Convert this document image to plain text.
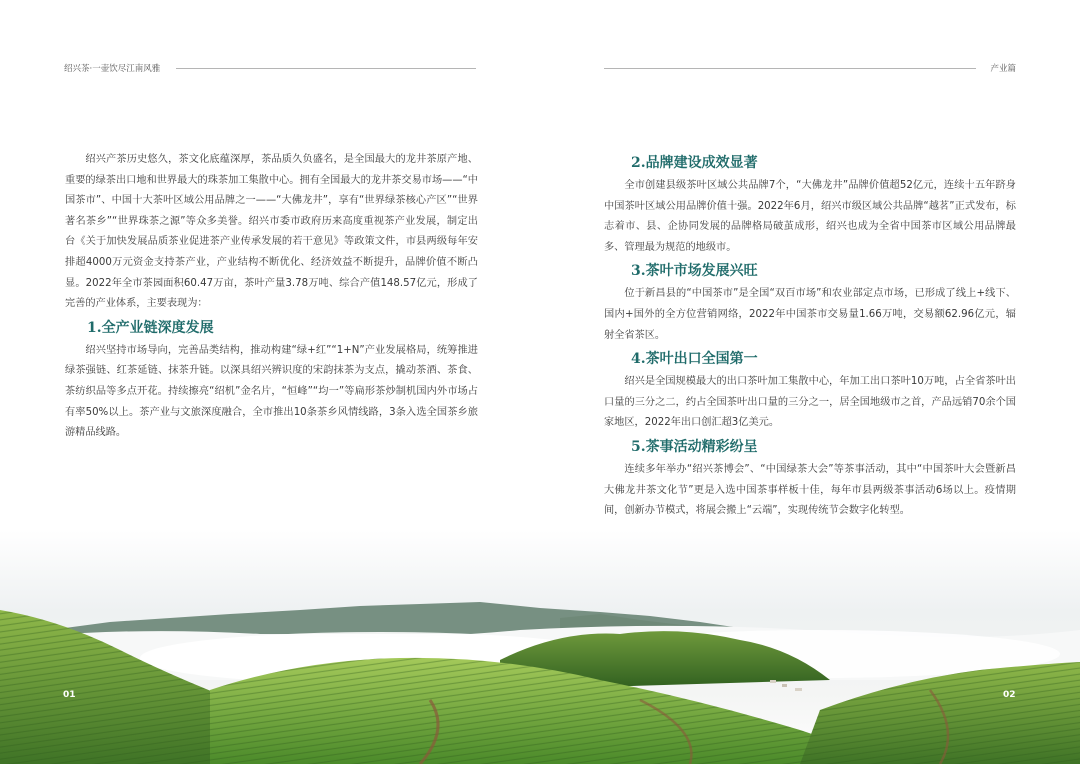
绍兴茶·一壶饮尽江南风雅	产业篇

绍兴产茶历史悠久，茶文化底蕴深厚，茶品质久负盛名，是全国最大的龙井茶原产地、重要的绿茶出口地和世界最大的珠茶加工集散中心。拥有全国最大的龙井茶交易市场——“中国茶市”、中国十大茶叶区域公用品牌之一——“大佛龙井”，享有“世界绿茶核心产区”“世界著名茶乡”“世界珠茶之源”等众多美誉。绍兴市委市政府历来高度重视茶产业发展，制定出台《关于加快发展品质茶业促进茶产业传承发展的若干意见》等政策文件，市县两级每年安排超4000万元资金支持茶产业，产业结构不断优化、经济效益不断提升，品牌价值不断凸显。2022年全市茶园面积60.47万亩，茶叶产量3.78万吨、综合产值148.57亿元，形成了完善的产业体系，主要表现为：

1.全产业链深度发展

绍兴坚持市场导向，完善品类结构，推动构建“绿+红”“1+N”产业发展格局，统筹推进绿茶强链、红茶延链、抹茶升链。以深具绍兴辨识度的宋韵抹茶为支点，撬动茶酒、茶食、茶纺织品等多点开花。持续擦亮“绍机”金名片，“恒峰”“均一”等扁形茶炒制机国内外市场占有率50%以上。茶产业与文旅深度融合，全市推出10条茶乡风情线路，3条入选全国茶乡旅游精品线路。

2.品牌建设成效显著

全市创建县级茶叶区域公共品牌7个，“大佛龙井”品牌价值超52亿元，连续十五年跻身中国茶叶区域公用品牌价值十强。2022年6月，绍兴市级区域公共品牌“越茗”正式发布，标志着市、县、企协同发展的品牌格局破茧成形，绍兴也成为全省中国茶市区域公用品牌最多、管理最为规范的地级市。

3.茶叶市场发展兴旺

位于新昌县的“中国茶市”是全国“双百市场”和农业部定点市场，已形成了线上+线下、国内+国外的全方位营销网络，2022年中国茶市交易量1.66万吨，交易额62.96亿元，辐射全省茶区。

4.茶叶出口全国第一

绍兴是全国规模最大的出口茶叶加工集散中心，年加工出口茶叶10万吨，占全省茶叶出口量的三分之二，约占全国茶叶出口量的三分之一，居全国地级市之首，产品远销70余个国家地区，2022年出口创汇超3亿美元。

5.茶事活动精彩纷呈

连续多年举办“绍兴茶博会”、“中国绿茶大会”等茶事活动，其中“中国茶叶大会暨新昌大佛龙井茶文化节”更是入选中国茶事样板十佳，每年市县两级茶事活动6场以上。疫情期间，创新办节模式，将展会搬上“云端”，实现传统节会数字化转型。

01	02
